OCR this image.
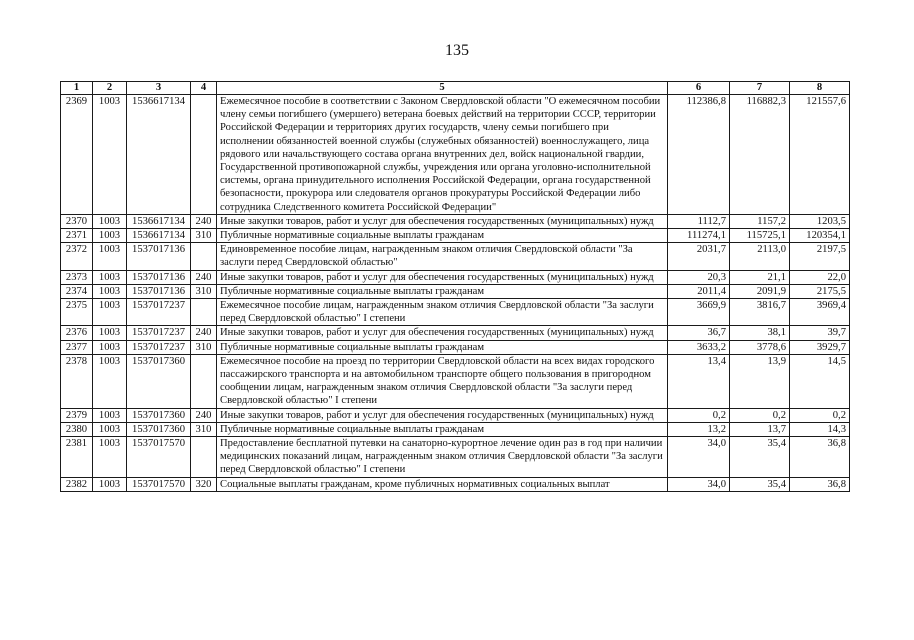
135
1	2	3	4	5	6	7	8
2369	1003	1536617134		Ежемесячное пособие в соответствии с Законом Свердловской области "О ежемесячном пособии члену семьи погибшего (умершего) ветерана боевых действий на территории СССР, территории Российской Федерации и территориях других государств, члену семьи погибшего при исполнении обязанностей военной службы (служебных обязанностей) военнослужащего, лица рядового или начальствующего состава органа внутренних дел, войск национальной гвардии, Государственной противопожарной службы, учреждения или органа уголовно-исполнительной системы, органа принудительного исполнения Российской Федерации, органа государственной безопасности, прокурора или следователя органов прокуратуры Российской Федерации либо сотрудника Следственного комитета Российской Федерации"	112386,8	116882,3	121557,6
2370	1003	1536617134	240	Иные закупки товаров, работ и услуг для обеспечения государственных (муниципальных) нужд	1112,7	1157,2	1203,5
2371	1003	1536617134	310	Публичные нормативные социальные выплаты гражданам	111274,1	115725,1	120354,1
2372	1003	1537017136		Единовременное пособие лицам, награжденным знаком отличия Свердловской области "За заслуги перед Свердловской областью"	2031,7	2113,0	2197,5
2373	1003	1537017136	240	Иные закупки товаров, работ и услуг для обеспечения государственных (муниципальных) нужд	20,3	21,1	22,0
2374	1003	1537017136	310	Публичные нормативные социальные выплаты гражданам	2011,4	2091,9	2175,5
2375	1003	1537017237		Ежемесячное пособие лицам, награжденным знаком отличия Свердловской области "За заслуги перед Свердловской областью" I степени	3669,9	3816,7	3969,4
2376	1003	1537017237	240	Иные закупки товаров, работ и услуг для обеспечения государственных (муниципальных) нужд	36,7	38,1	39,7
2377	1003	1537017237	310	Публичные нормативные социальные выплаты гражданам	3633,2	3778,6	3929,7
2378	1003	1537017360		Ежемесячное пособие на проезд по территории Свердловской области на всех видах городского пассажирского транспорта и на автомобильном транспорте общего пользования в пригородном сообщении лицам, награжденным знаком отличия Свердловской области "За заслуги перед Свердловской областью" I степени	13,4	13,9	14,5
2379	1003	1537017360	240	Иные закупки товаров, работ и услуг для обеспечения государственных (муниципальных) нужд	0,2	0,2	0,2
2380	1003	1537017360	310	Публичные нормативные социальные выплаты гражданам	13,2	13,7	14,3
2381	1003	1537017570		Предоставление бесплатной путевки на санаторно-курортное лечение один раз в год при наличии медицинских показаний лицам, награжденным знаком отличия Свердловской области "За заслуги перед Свердловской областью" I степени	34,0	35,4	36,8
2382	1003	1537017570	320	Социальные выплаты гражданам, кроме публичных нормативных социальных выплат	34,0	35,4	36,8
